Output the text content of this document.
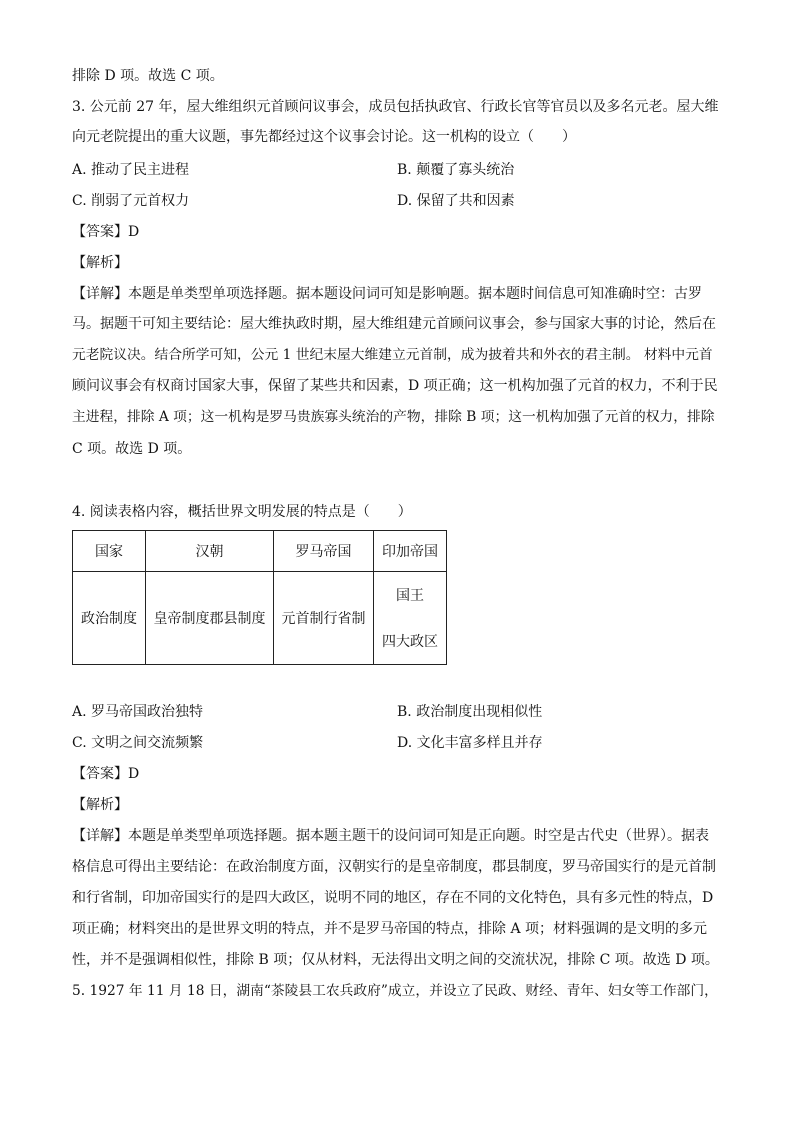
排除 D 项。故选 C 项。
3. 公元前 27 年，屋大维组织元首顾问议事会，成员包括执政官、行政长官等官员以及多名元老。屋大维
向元老院提出的重大议题，事先都经过这个议事会讨论。这一机构的设立（　　）
A. 推动了民主进程	B. 颠覆了寡头统治
C. 削弱了元首权力	D. 保留了共和因素
【答案】D
【解析】
【详解】本题是单类型单项选择题。据本题设问词可知是影响题。据本题时间信息可知准确时空：古罗
马。据题干可知主要结论：屋大维执政时期，屋大维组建元首顾问议事会，参与国家大事的讨论，然后在
元老院议决。结合所学可知，公元 1 世纪末屋大维建立元首制，成为披着共和外衣的君主制。 材料中元首
顾问议事会有权商讨国家大事，保留了某些共和因素，D 项正确；这一机构加强了元首的权力，不利于民
主进程，排除 A 项；这一机构是罗马贵族寡头统治的产物，排除 B 项；这一机构加强了元首的权力，排除
C 项。故选 D 项。
4. 阅读表格内容，概括世界文明发展的特点是（　　）
国家	汉朝	罗马帝国	印加帝国
政治制度	皇帝制度郡县制度	元首制行省制	国王
四大政区
A. 罗马帝国政治独特	B. 政治制度出现相似性
C. 文明之间交流频繁	D. 文化丰富多样且并存
【答案】D
【解析】
【详解】本题是单类型单项选择题。据本题主题干的设问词可知是正向题。时空是古代史（世界）。据表
格信息可得出主要结论：在政治制度方面，汉朝实行的是皇帝制度，郡县制度，罗马帝国实行的是元首制
和行省制，印加帝国实行的是四大政区，说明不同的地区，存在不同的文化特色，具有多元性的特点，D
项正确；材料突出的是世界文明的特点，并不是罗马帝国的特点，排除 A 项；材料强调的是文明的多元
性，并不是强调相似性，排除 B 项；仅从材料，无法得出文明之间的交流状况，排除 C 项。故选 D 项。
5. 1927 年 11 月 18 日，湖南“茶陵县工农兵政府”成立，并设立了民政、财经、青年、妇女等工作部门，
